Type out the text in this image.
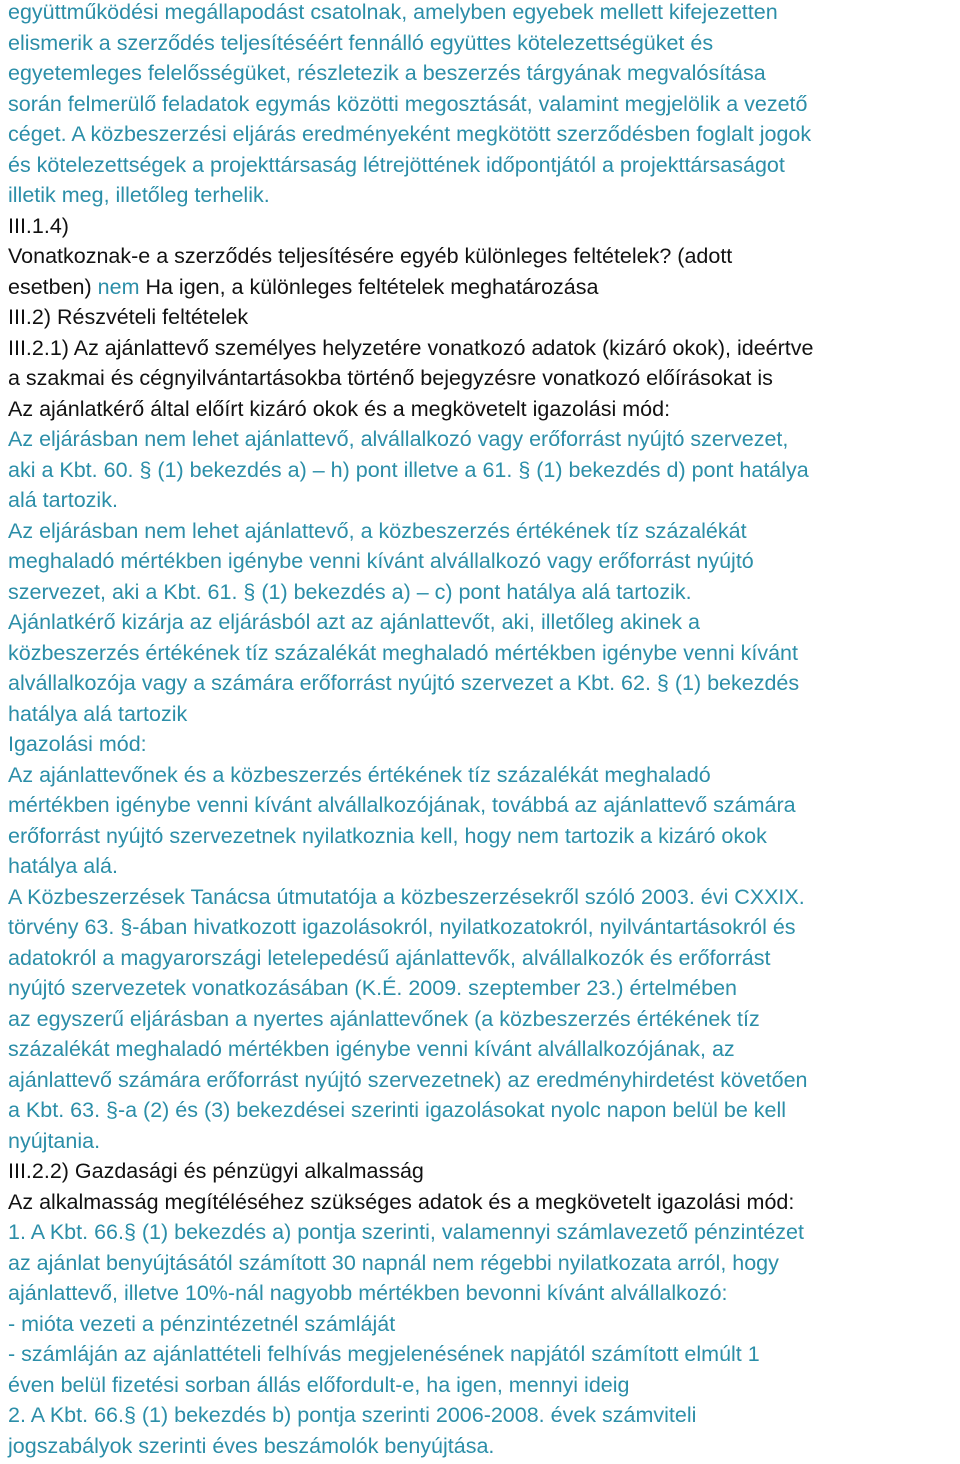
együttműködési megállapodást csatolnak, amelyben egyebek mellett kifejezetten
elismerik a szerződés teljesítéséért fennálló együttes kötelezettségüket és
egyetemleges felelősségüket, részletezik a beszerzés tárgyának megvalósítása
során felmerülő feladatok egymás közötti megosztását, valamint megjelölik a vezető
céget. A közbeszerzési eljárás eredményeként megkötött szerződésben foglalt jogok
és kötelezettségek a projekttársaság létrejöttének időpontjától a projekttársaságot
illetik meg, illetőleg terhelik.
III.1.4)
Vonatkoznak-e a szerződés teljesítésére egyéb különleges feltételek? (adott
esetben) nem Ha igen, a különleges feltételek meghatározása
III.2) Részvételi feltételek
III.2.1) Az ajánlattevő személyes helyzetére vonatkozó adatok (kizáró okok), ideértve
a szakmai és cégnyilvántartásokba történő bejegyzésre vonatkozó előírásokat is
Az ajánlatkérő által előírt kizáró okok és a megkövetelt igazolási mód:
Az eljárásban nem lehet ajánlattevő, alvállalkozó vagy erőforrást nyújtó szervezet,
aki a Kbt. 60. § (1) bekezdés a) – h) pont illetve a 61. § (1) bekezdés d) pont hatálya
alá tartozik.
Az eljárásban nem lehet ajánlattevő, a közbeszerzés értékének tíz százalékát
meghaladó mértékben igénybe venni kívánt alvállalkozó vagy erőforrást nyújtó
szervezet, aki a Kbt. 61. § (1) bekezdés a) – c) pont hatálya alá tartozik.
Ajánlatkérő kizárja az eljárásból azt az ajánlattevőt, aki, illetőleg akinek a
közbeszerzés értékének tíz százalékát meghaladó mértékben igénybe venni kívánt
alvállalkozója vagy a számára erőforrást nyújtó szervezet a Kbt. 62. § (1) bekezdés
hatálya alá tartozik
Igazolási mód:
Az ajánlattevőnek és a közbeszerzés értékének tíz százalékát meghaladó
mértékben igénybe venni kívánt alvállalkozójának, továbbá az ajánlattevő számára
erőforrást nyújtó szervezetnek nyilatkoznia kell, hogy nem tartozik a kizáró okok
hatálya alá.
A Közbeszerzések Tanácsa útmutatója a közbeszerzésekről szóló 2003. évi CXXIX.
törvény 63. §-ában hivatkozott igazolásokról, nyilatkozatokról, nyilvántartásokról és
adatokról a magyarországi letelepedésű ajánlattevők, alvállalkozók és erőforrást
nyújtó szervezetek vonatkozásában (K.É. 2009. szeptember 23.) értelmében
az egyszerű eljárásban a nyertes ajánlattevőnek (a közbeszerzés értékének tíz
százalékát meghaladó mértékben igénybe venni kívánt alvállalkozójának, az
ajánlattevő számára erőforrást nyújtó szervezetnek) az eredményhirdetést követően
a Kbt. 63. §-a (2) és (3) bekezdései szerinti igazolásokat nyolc napon belül be kell
nyújtania.
III.2.2) Gazdasági és pénzügyi alkalmasság
Az alkalmasság megítéléséhez szükséges adatok és a megkövetelt igazolási mód:
1. A Kbt. 66.§ (1) bekezdés a) pontja szerinti, valamennyi számlavezető pénzintézet
az ajánlat benyújtásától számított 30 napnál nem régebbi nyilatkozata arról, hogy
ajánlattevő, illetve 10%-nál nagyobb mértékben bevonni kívánt alvállalkozó:
- mióta vezeti a pénzintézetnél számláját
- számláján az ajánlattételi felhívás megjelenésének napjától számított elmúlt 1
éven belül fizetési sorban állás előfordult-e, ha igen, mennyi ideig
2. A Kbt. 66.§ (1) bekezdés b) pontja szerinti 2006-2008. évek számviteli
jogszabályok szerinti éves beszámolók benyújtása.
